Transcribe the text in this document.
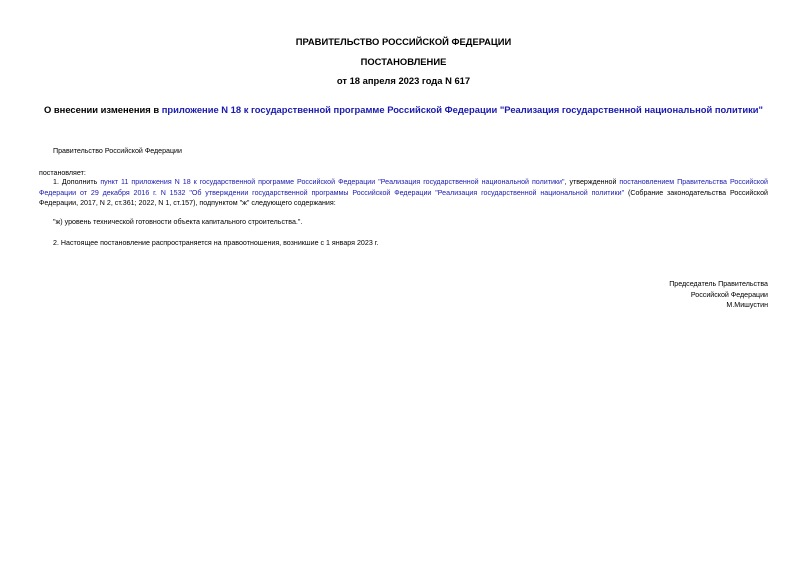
ПРАВИТЕЛЬСТВО РОССИЙСКОЙ ФЕДЕРАЦИИ
ПОСТАНОВЛЕНИЕ
от 18 апреля 2023 года N 617
О внесении изменения в приложение N 18 к государственной программе Российской Федерации "Реализация государственной национальной политики"
Правительство Российской Федерации
постановляет:
1. Дополнить пункт 11 приложения N 18 к государственной программе Российской Федерации "Реализация государственной национальной политики", утвержденной постановлением Правительства Российской
Федерации от 29 декабря 2016 г. N 1532 "Об утверждении государственной программы Российской Федерации "Реализация государственной национальной политики" (Собрание законодательства Российской
Федерации, 2017, N 2, ст.361; 2022, N 1, ст.157), подпунктом "ж" следующего содержания:
"ж) уровень технической готовности объекта капитального строительства.".
2. Настоящее постановление распространяется на правоотношения, возникшие с 1 января 2023 г.
Председатель Правительства
Российской Федерации
М.Мишустин
